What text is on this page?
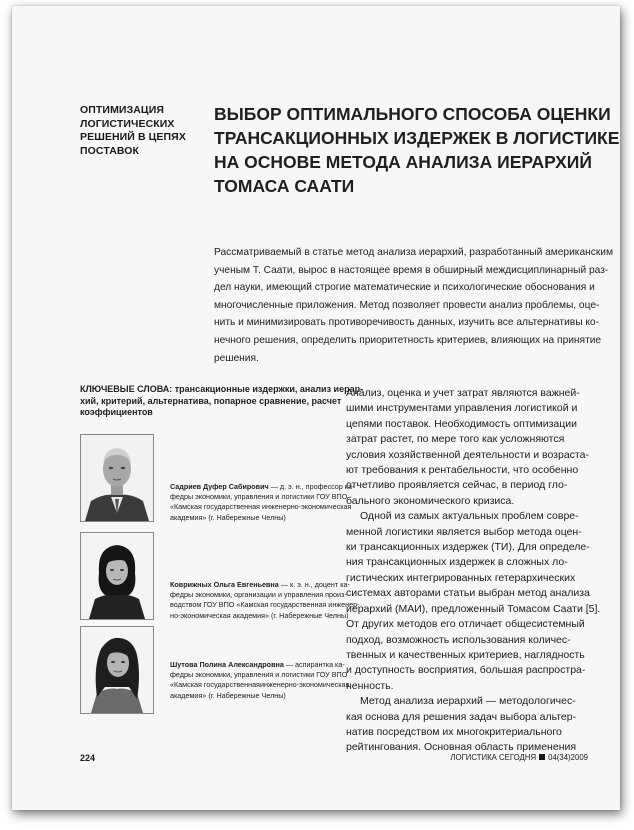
ОПТИМИЗАЦИЯ
ЛОГИСТИЧЕСКИХ
РЕШЕНИЙ В ЦЕПЯХ
ПОСТАВОК
ВЫБОР ОПТИМАЛЬНОГО СПОСОБА ОЦЕНКИ
ТРАНСАКЦИОННЫХ ИЗДЕРЖЕК В ЛОГИСТИКЕ
НА ОСНОВЕ МЕТОДА АНАЛИЗА ИЕРАРХИЙ
ТОМАСА СААТИ
Рассматриваемый в статье метод анализа иерархий, разработанный американским
ученым Т. Саати, вырос в настоящее время в обширный междисциплинарный раз-
дел науки, имеющий строгие математические и психологические обоснования и
многочисленные приложения. Метод позволяет провести анализ проблемы, оце-
нить и минимизировать противоречивость данных, изучить все альтернативы ко-
нечного решения, определить приоритетность критериев, влияющих на принятие
решения.
КЛЮЧЕВЫЕ СЛОВА: трансакционные издержки, анализ иерар-
хий, критерий, альтернатива, попарное сравнение, расчет
коэффициентов
Садриев Дуфер Сабирович — д. э. н., профессор ка-
федры экономики, управления и логистики ГОУ ВПО
«Камская государственная инженерно-экономическая
академия» (г. Набережные Челны)
Коврижных Ольга Евгеньевна — к. э. н., доцент ка-
федры экономики, организации и управления произ-
водством ГОУ ВПО «Камская государственная инженер-
но-экономическая академия» (г. Набережные Челны)
Шутова Полина Александровна — аспирантка ка-
федры экономики, управления и логистики ГОУ ВПО
«Камская государственнаяинженерно-экономическая
академия» (г. Набережные Челны)
Анализ, оценка и учет затрат являются важней-
шими инструментами управления логистикой и
цепями поставок. Необходимость оптимизации
затрат растет, по мере того как усложняются
условия хозяйственной деятельности и возраста-
ют требования к рентабельности, что особенно
отчетливо проявляется сейчас, в период гло-
бального экономического кризиса.
Одной из самых актуальных проблем совре-
менной логистики является выбор метода оцен-
ки трансакционных издержек (ТИ). Для определе-
ния трансакционных издержек в сложных ло-
гистических интегрированных гетерархических
системах авторами статьи выбран метод анализа
иерархий (МАИ), предложенный Томасом Саати [5].
От других методов его отличает общесистемный
подход, возможность использования количес-
твенных и качественных критериев, наглядность
и доступность восприятия, большая распростра-
ненность.
Метод анализа иерархий — методологичес-
кая основа для решения задач выбора альтер-
натив посредством их многокритериального
рейтингования. Основная область применения
224	ЛОГИСТИКА СЕГОДНЯ 04(34)2009
